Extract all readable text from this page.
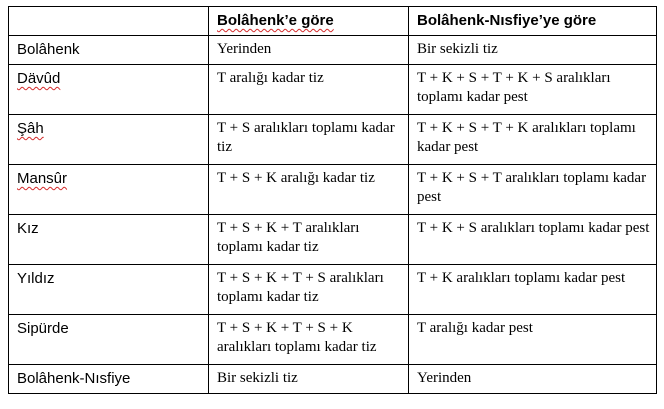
	Bolâhenk’e göre	Bolâhenk-Nısfiye’ye göre
Bolâhenk	Yerinden	Bir sekizli tiz
Dävûd	T aralığı kadar tiz	T + K + S + T + K + S aralıkları toplamı kadar pest
Şâh	T + S aralıkları toplamı kadar tiz	T + K + S + T + K aralıkları toplamı kadar pest
Mansûr	T + S + K aralığı kadar tiz	T + K + S + T aralıkları toplamı kadar pest
Kız	T + S + K + T aralıkları toplamı kadar tiz	T + K + S aralıkları toplamı kadar pest
Yıldız	T + S + K + T + S aralıkları toplamı kadar tiz	T + K aralıkları toplamı kadar pest
Sipürde	T + S + K + T + S + K aralıkları toplamı kadar tiz	T aralığı kadar pest
Bolâhenk-Nısfiye	Bir sekizli tiz	Yerinden
